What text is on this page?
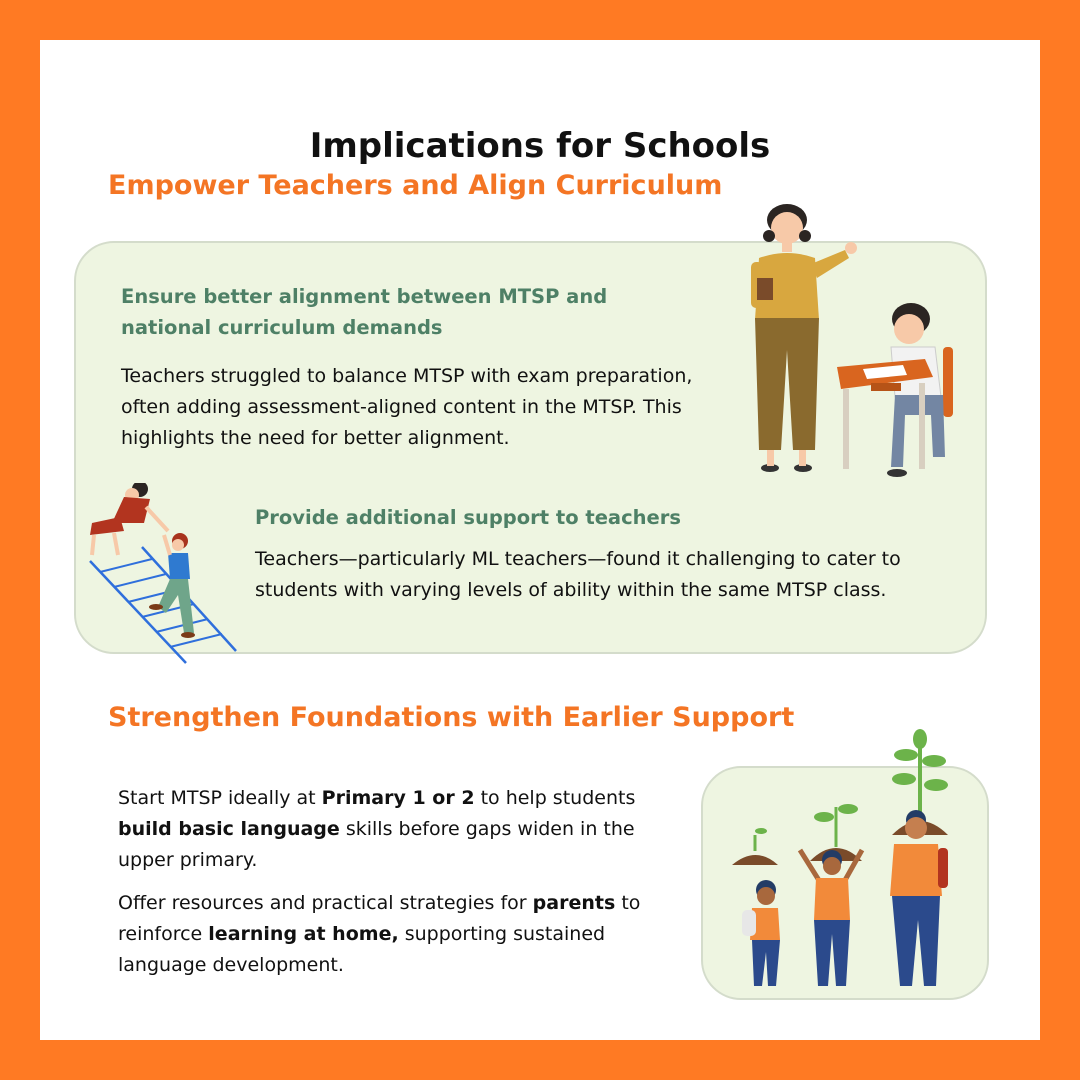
Implications for Schools
Empower Teachers and Align Curriculum

Ensure better alignment between MTSP and national curriculum demands

Teachers struggled to balance MTSP with exam preparation, often adding assessment-aligned content in the MTSP. This highlights the need for better alignment.

Provide additional support to teachers

Teachers—particularly ML teachers—found it challenging to cater to students with varying levels of ability within the same MTSP class.

Strengthen Foundations with Earlier Support

Start MTSP ideally at Primary 1 or 2 to help students build basic language skills before gaps widen in the upper primary.

Offer resources and practical strategies for parents to reinforce learning at home, supporting sustained language development.
